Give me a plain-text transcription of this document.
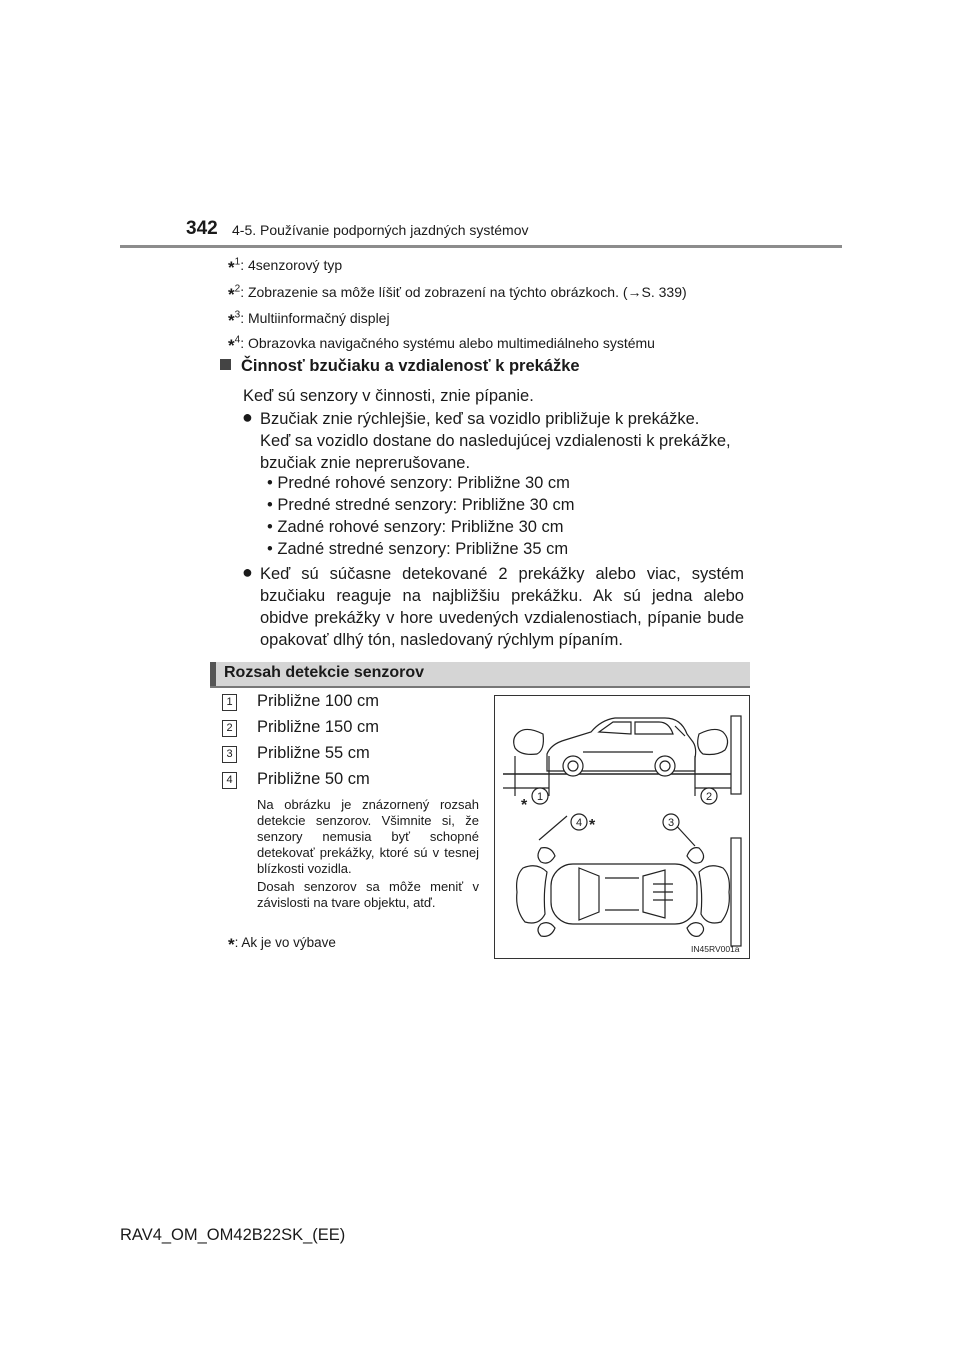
342 4-5. Používanie podporných jazdných systémov
*$^1$: 4senzorový typ
*$^2$: Zobrazenie sa môže líšiť od zobrazení na týchto obrázkoch. (→S. 339)
*$^3$: Multiinformačný displej
*$^4$: Obrazovka navigačného systému alebo multimediálneho systému
Činnosť bzučiaku a vzdialenosť k prekážke
Keď sú senzory v činnosti, znie pípanie.
● Bzučiak znie rýchlejšie, keď sa vozidlo približuje k prekážke.
Keď sa vozidlo dostane do nasledujúcej vzdialenosti k prekážke,
bzučiak znie neprerušovane.
• Predné rohové senzory: Približne 30 cm
• Predné stredné senzory: Približne 30 cm
• Zadné rohové senzory: Približne 30 cm
• Zadné stredné senzory: Približne 35 cm
● Keď sú súčasne detekované 2 prekážky alebo viac, systém bzučiaku reaguje na najbližšiu prekážku. Ak sú jedna alebo obidve prekážky v hore uvedených vzdialenostiach, pípanie bude opakovať dlhý tón, nasledovaný rýchlym pípaním.
Rozsah detekcie senzorov
1 Približne 100 cm
2 Približne 150 cm
3 Približne 55 cm
4 Približne 50 cm
Na obrázku je znázornený rozsah detekcie senzorov. Všimnite si, že senzory nemusia byť schopné detekovať prekážky, ktoré sú v tesnej blízkosti vozidla.
Dosah senzorov sa môže meniť v závislosti na tvare objektu, atď.
*: Ak je vo výbave
1	2
3
4
*
*
IN45RV001a
RAV4_OM_OM42B22SK_(EE)
